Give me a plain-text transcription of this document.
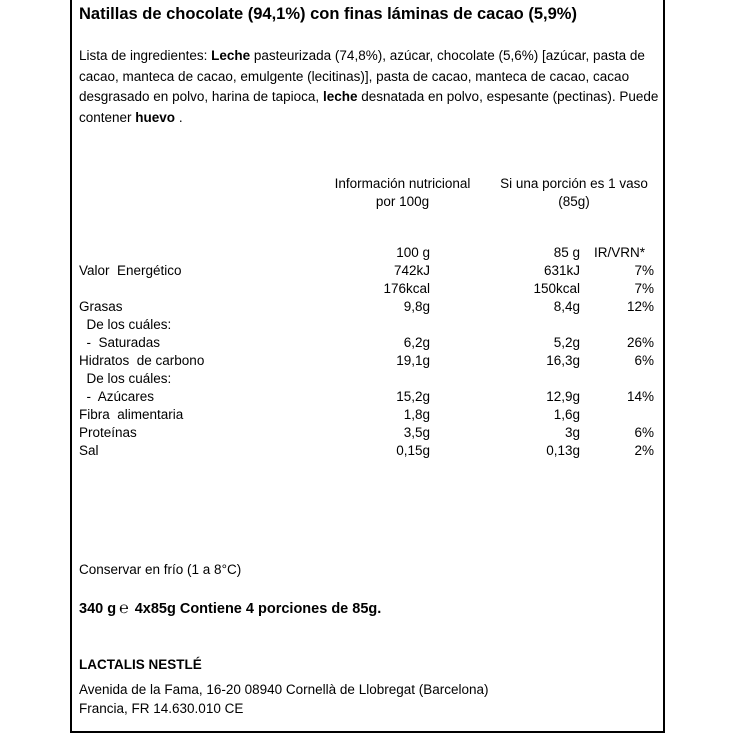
Natillas de chocolate (94,1%) con finas láminas de cacao (5,9%)
Lista de ingredientes: Leche pasteurizada (74,8%), azúcar, chocolate (5,6%) [azúcar, pasta de cacao, manteca de cacao, emulgente (lecitinas)], pasta de cacao, manteca de cacao, cacao desgrasado en polvo, harina de tapioca, leche desnatada en polvo, espesante (pectinas). Puede contener huevo .
Información nutricional
por 100g
Si una porción es 1 vaso
(85g)
100 g	85 g IR/VRN*
Valor  Energético	742kJ	631kJ	7%
176kcal	150kcal	7%
Grasas	9,8g	8,4g	12%
De los cuáles:
-  Saturadas	6,2g	5,2g	26%
Hidratos  de carbono	19,1g	16,3g	6%
De los cuáles:
-  Azúcares	15,2g	12,9g	14%
Fibra  alimentaria	1,8g	1,6g
Proteínas	3,5g	3g	6%
Sal	0,15g	0,13g	2%
Conservar en frío (1 a 8°C)
340 g ℮ 4x85g Contiene 4 porciones de 85g.
LACTALIS NESTLÉ
Avenida de la Fama, 16-20 08940 Cornellà de Llobregat (Barcelona)
Francia, FR 14.630.010 CE
